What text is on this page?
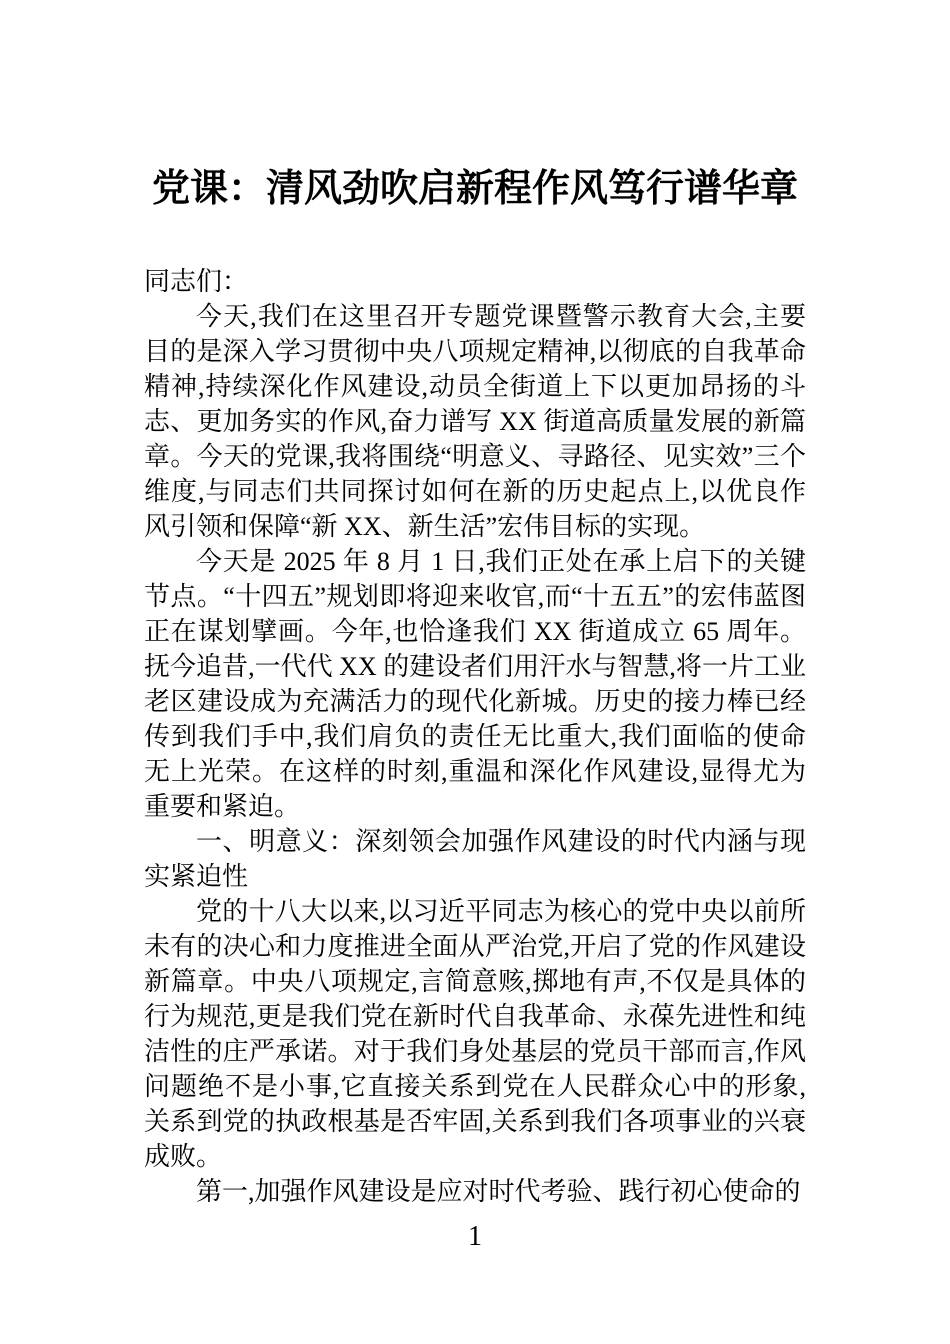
党课：清风劲吹启新程作风笃行谱华章

同志们：

今天,我们在这里召开专题党课暨警示教育大会,主要目的是深入学习贯彻中央八项规定精神,以彻底的自我革命精神,持续深化作风建设,动员全街道上下以更加昂扬的斗志、更加务实的作风,奋力谱写 XX 街道高质量发展的新篇章。今天的党课,我将围绕“明意义、寻路径、见实效”三个维度,与同志们共同探讨如何在新的历史起点上,以优良作风引领和保障“新 XX、新生活”宏伟目标的实现。

今天是 2025 年 8 月 1 日,我们正处在承上启下的关键节点。“十四五”规划即将迎来收官,而“十五五”的宏伟蓝图正在谋划擘画。今年,也恰逢我们 XX 街道成立 65 周年。抚今追昔,一代代 XX 的建设者们用汗水与智慧,将一片工业老区建设成为充满活力的现代化新城。历史的接力棒已经传到我们手中,我们肩负的责任无比重大,我们面临的使命无上光荣。在这样的时刻,重温和深化作风建设,显得尤为重要和紧迫。

一、明意义：深刻领会加强作风建设的时代内涵与现实紧迫性

党的十八大以来,以习近平同志为核心的党中央以前所未有的决心和力度推进全面从严治党,开启了党的作风建设新篇章。中央八项规定,言简意赅,掷地有声,不仅是具体的行为规范,更是我们党在新时代自我革命、永葆先进性和纯洁性的庄严承诺。对于我们身处基层的党员干部而言,作风问题绝不是小事,它直接关系到党在人民群众心中的形象,关系到党的执政根基是否牢固,关系到我们各项事业的兴衰成败。

第一,加强作风建设是应对时代考验、践行初心使命的

1
